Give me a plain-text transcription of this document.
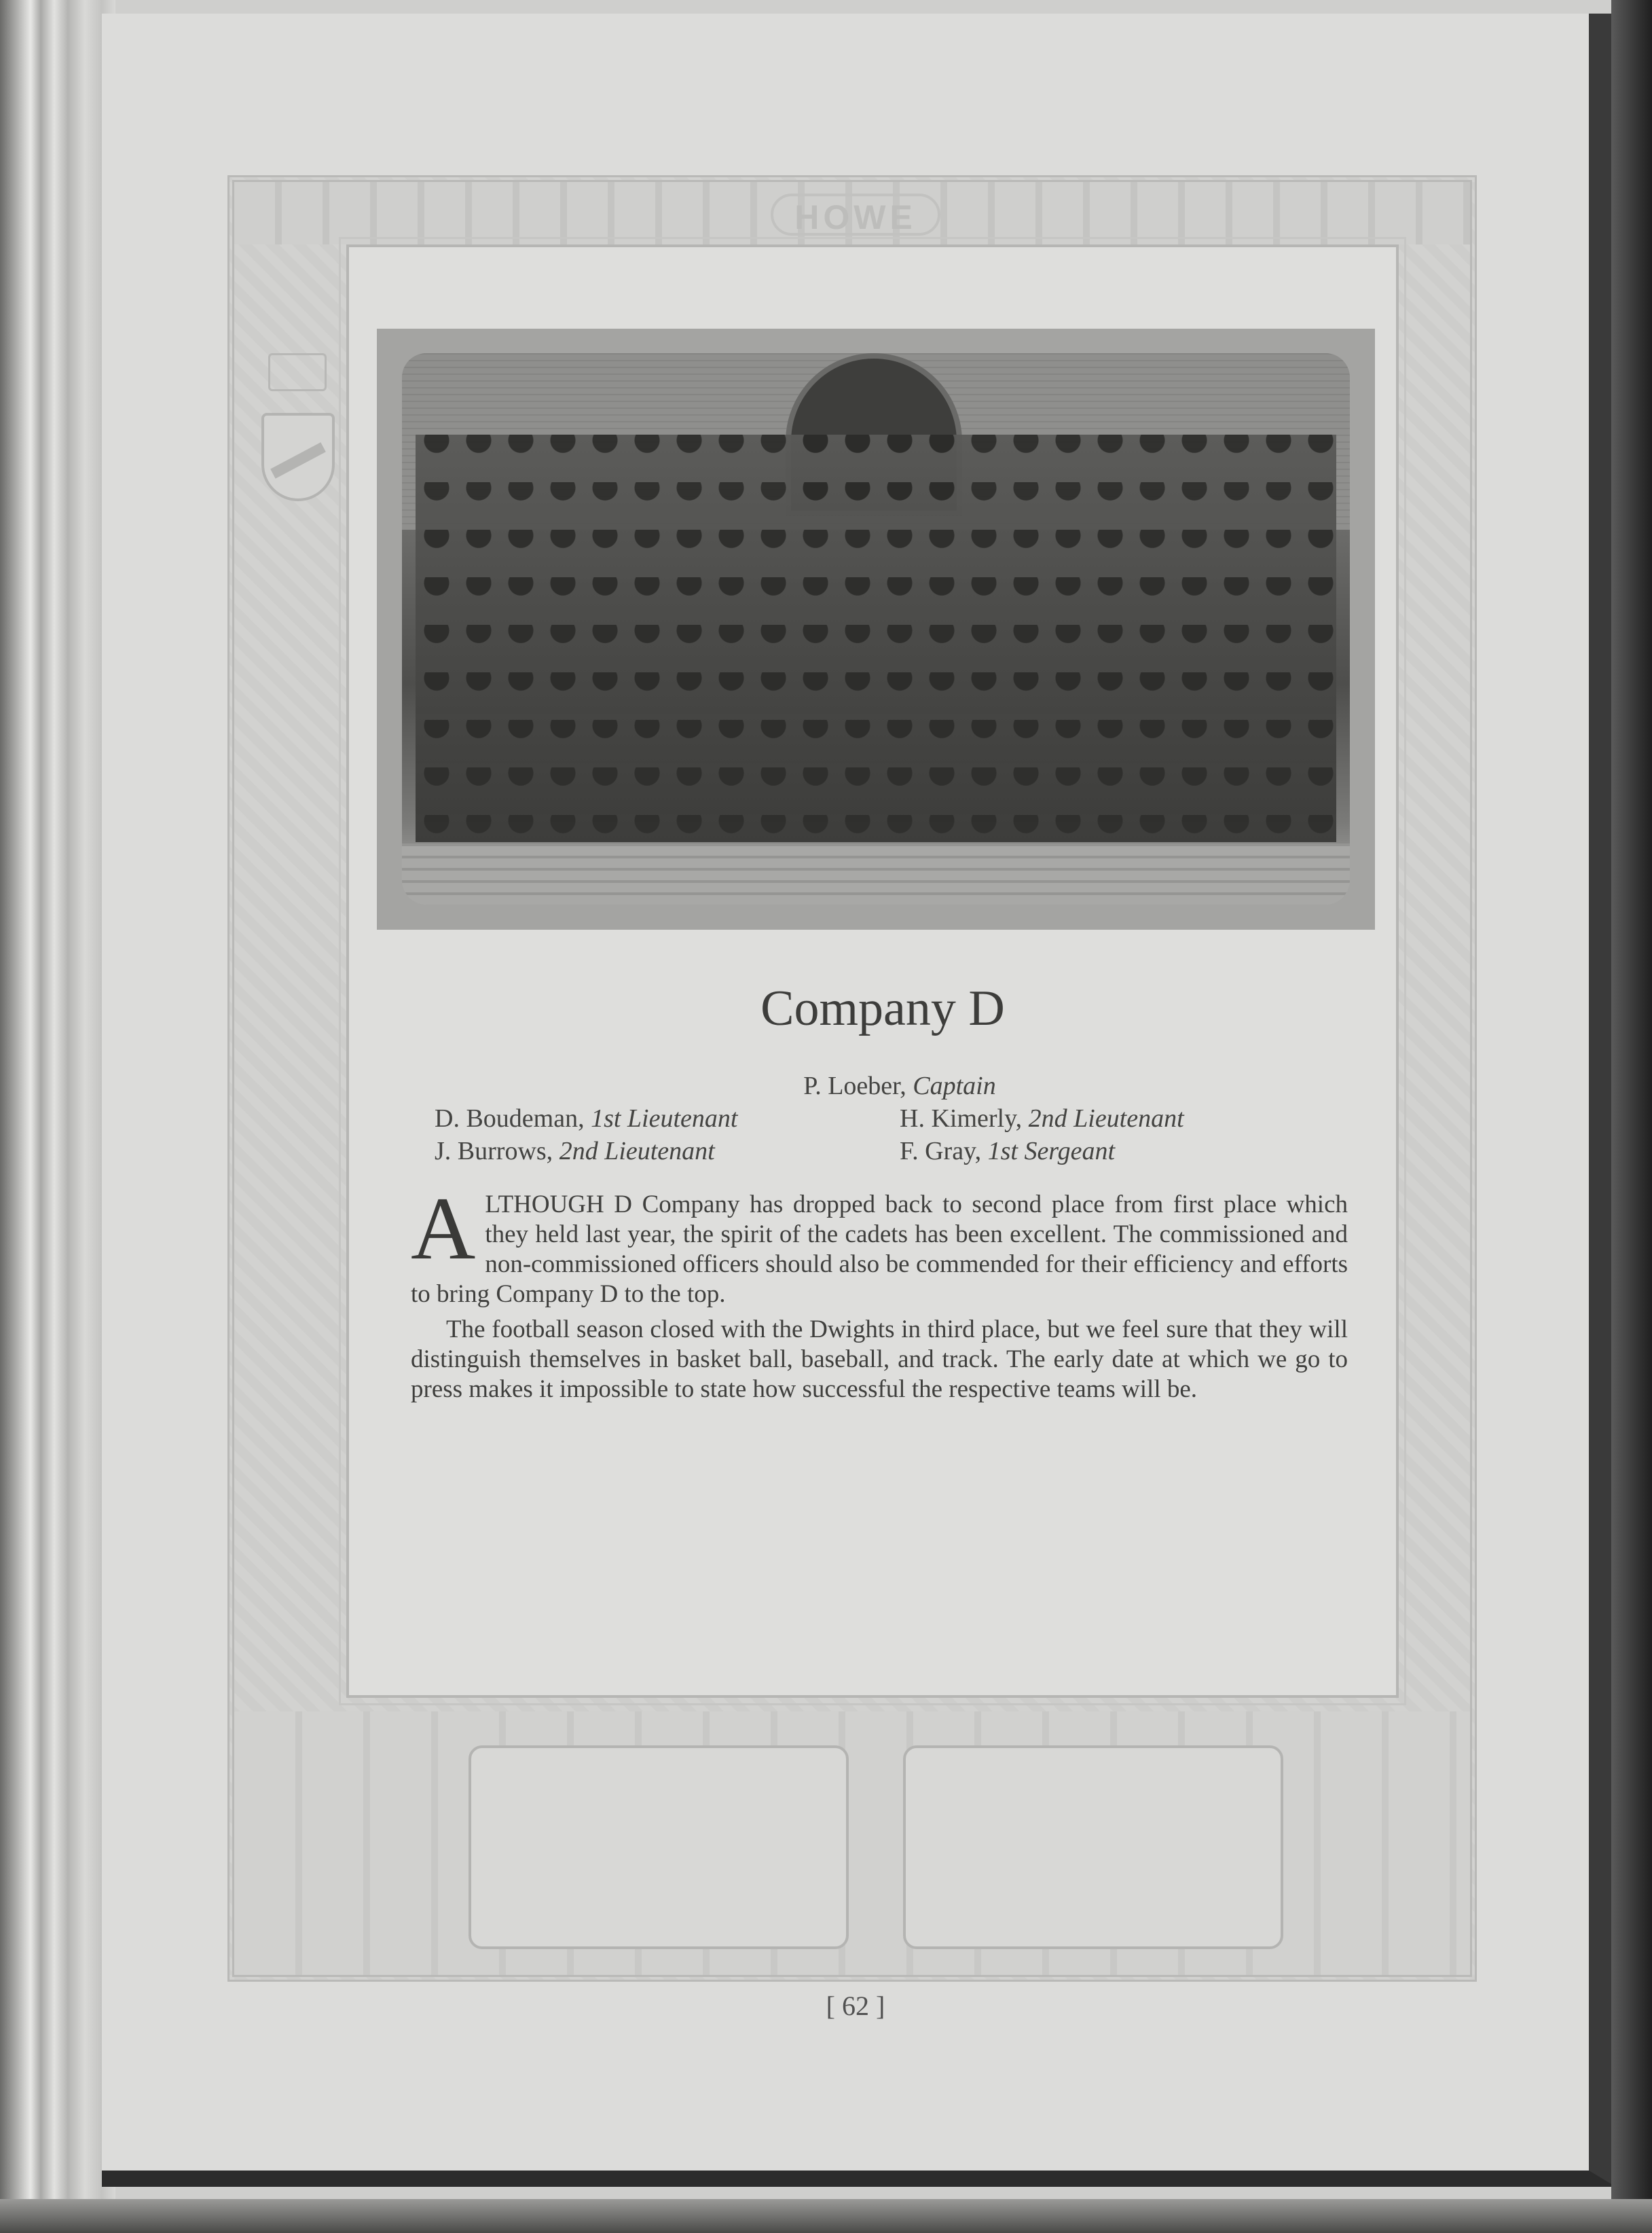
HOWE
Company D
P. Loeber, Captain
D. Boudeman, 1st Lieutenant	H. Kimerly, 2nd Lieutenant
J. Burrows, 2nd Lieutenant	F. Gray, 1st Sergeant

ALTHOUGH D Company has dropped back to second place from first place which they held last year, the spirit of the cadets has been excellent. The commissioned and non-commissioned officers should also be commended for their efficiency and efforts to bring Company D to the top.

The football season closed with the Dwights in third place, but we feel sure that they will distinguish themselves in basket ball, baseball, and track. The early date at which we go to press makes it impossible to state how successful the respective teams will be.

[ 62 ]
